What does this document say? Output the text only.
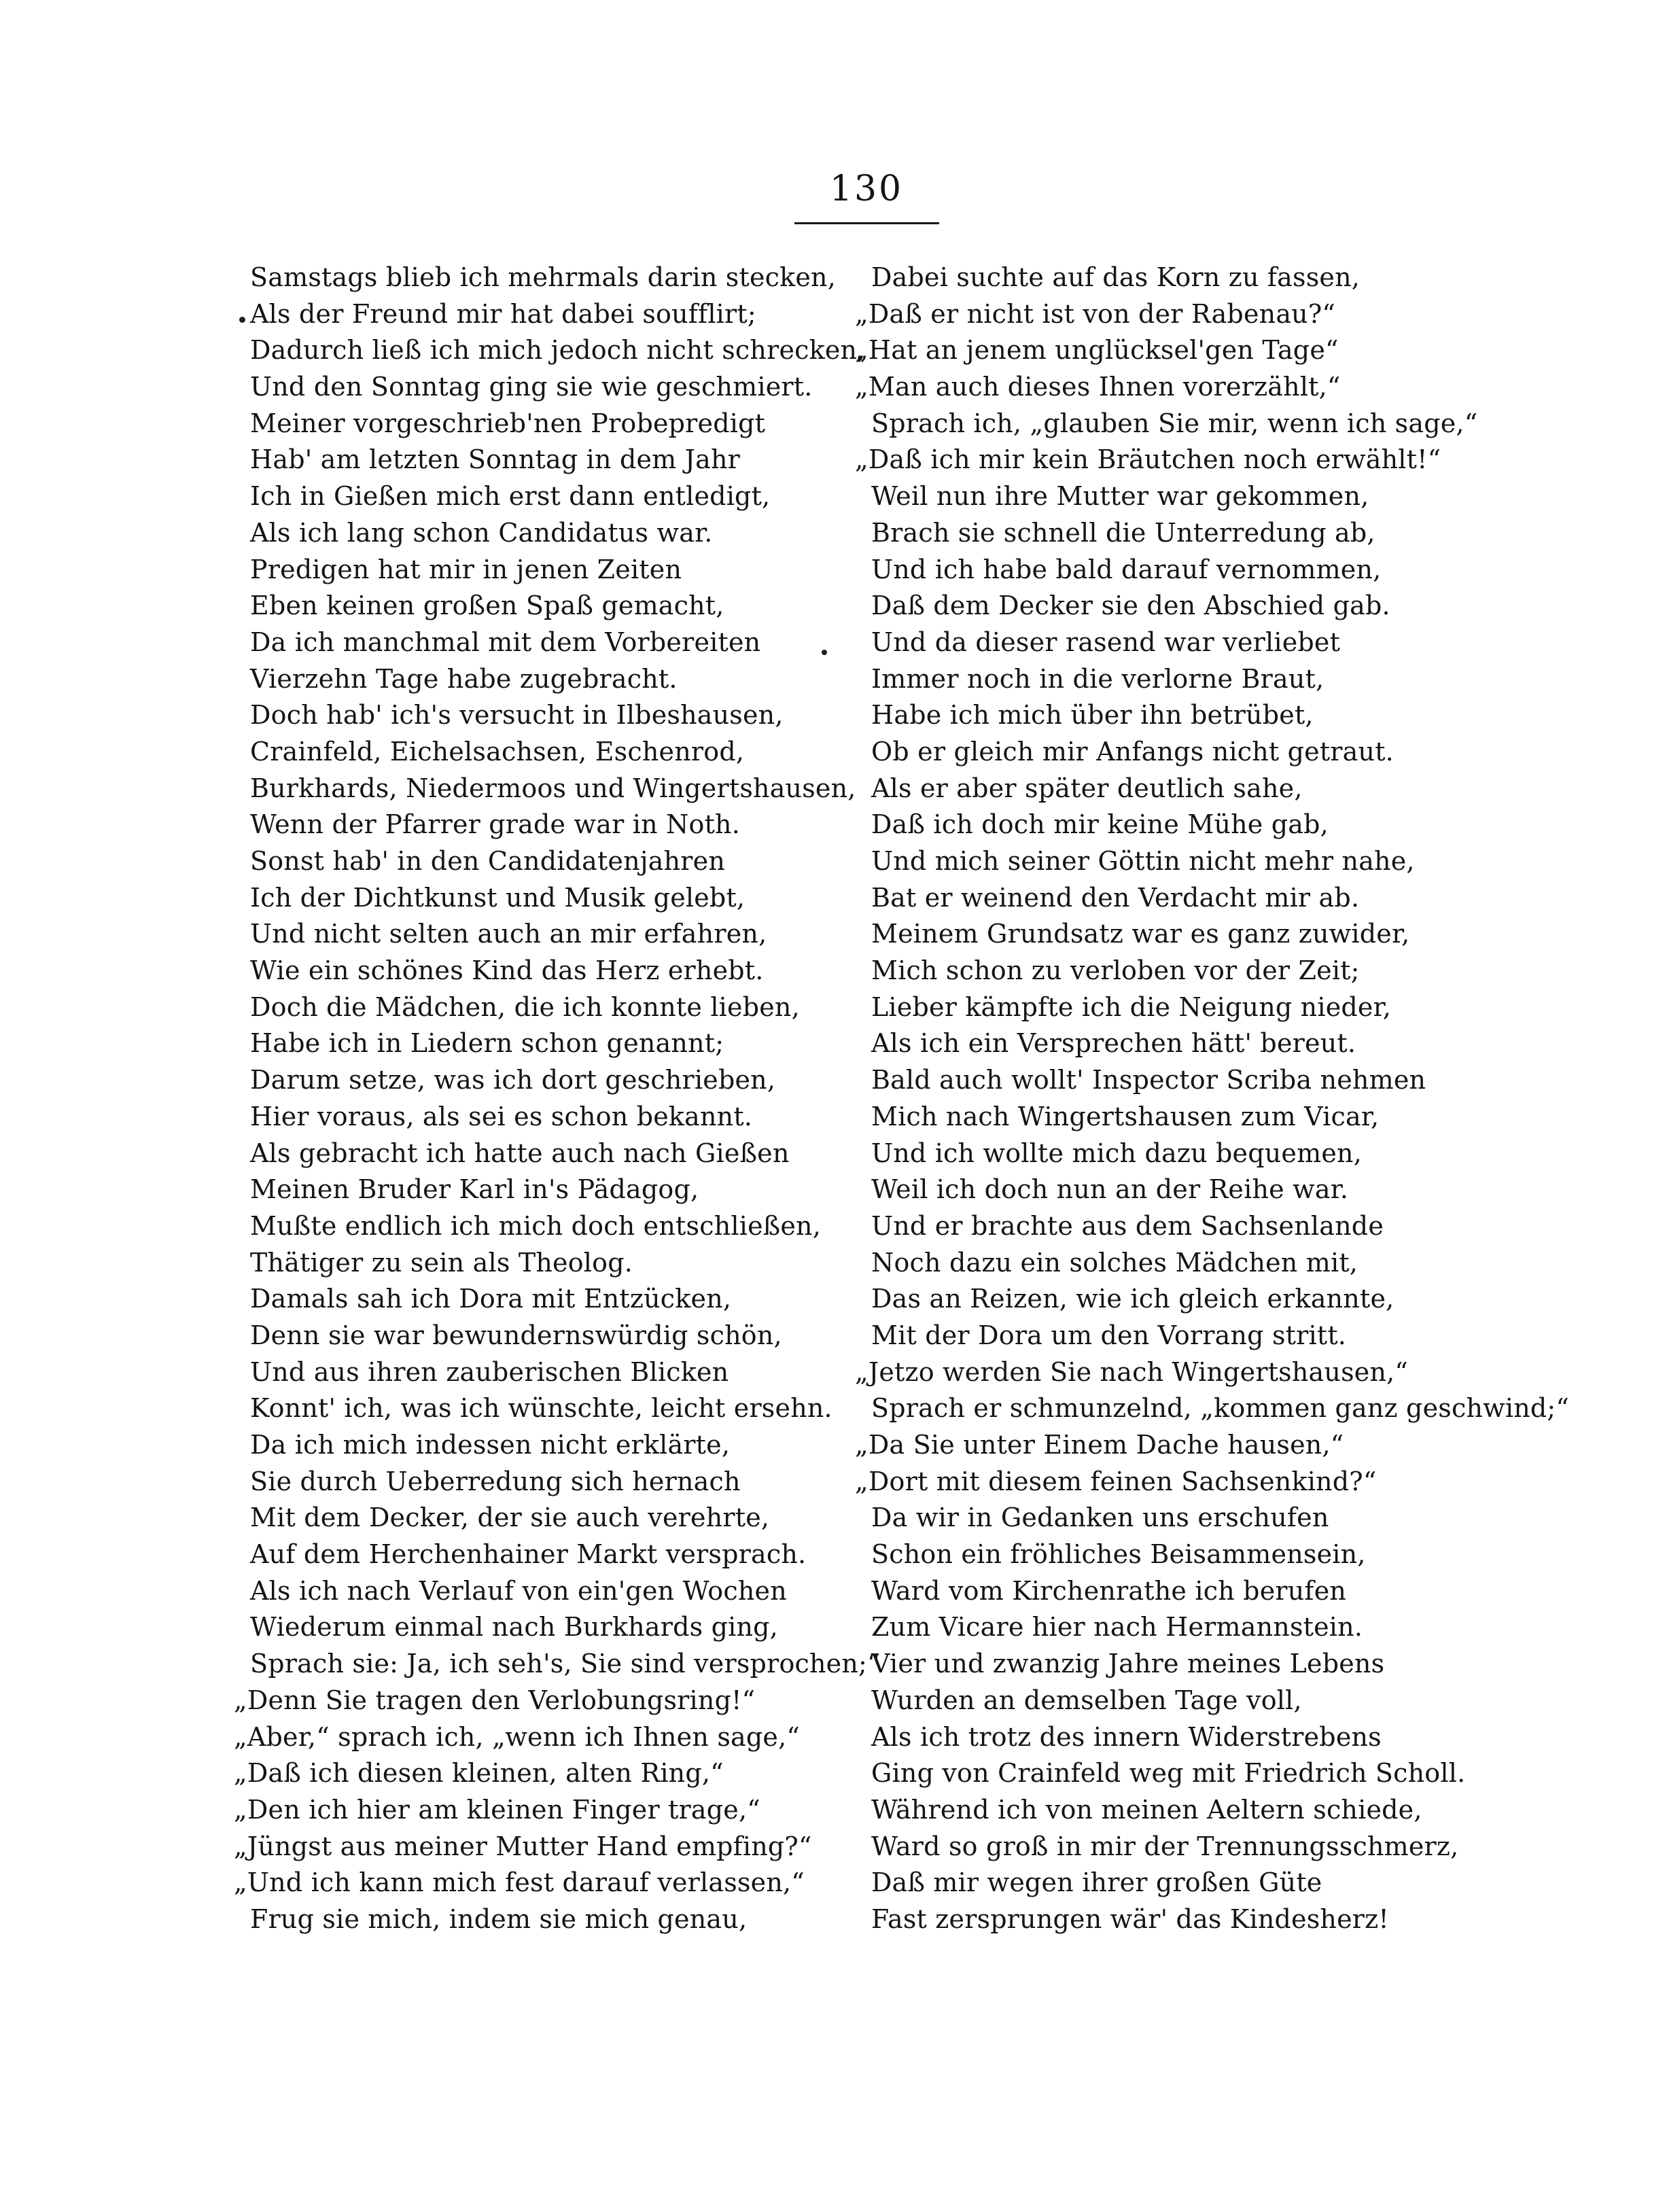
130
Samstags blieb ich mehrmals darin stecken,
Als der Freund mir hat dabei soufflirt;
Dadurch ließ ich mich jedoch nicht schrecken,
Und den Sonntag ging sie wie geschmiert.
Meiner vorgeschrieb'nen Probepredigt
Hab' am letzten Sonntag in dem Jahr
Ich in Gießen mich erst dann entledigt,
Als ich lang schon Candidatus war.
Predigen hat mir in jenen Zeiten
Eben keinen großen Spaß gemacht,
Da ich manchmal mit dem Vorbereiten
Vierzehn Tage habe zugebracht.
Doch hab' ich's versucht in Ilbeshausen,
Crainfeld, Eichelsachsen, Eschenrod,
Burkhards, Niedermoos und Wingertshausen,
Wenn der Pfarrer grade war in Noth.
Sonst hab' in den Candidatenjahren
Ich der Dichtkunst und Musik gelebt,
Und nicht selten auch an mir erfahren,
Wie ein schönes Kind das Herz erhebt.
Doch die Mädchen, die ich konnte lieben,
Habe ich in Liedern schon genannt;
Darum setze, was ich dort geschrieben,
Hier voraus, als sei es schon bekannt.
Als gebracht ich hatte auch nach Gießen
Meinen Bruder Karl in's Pädagog,
Mußte endlich ich mich doch entschließen,
Thätiger zu sein als Theolog.
Damals sah ich Dora mit Entzücken,
Denn sie war bewundernswürdig schön,
Und aus ihren zauberischen Blicken
Konnt' ich, was ich wünschte, leicht ersehn.
Da ich mich indessen nicht erklärte,
Sie durch Ueberredung sich hernach
Mit dem Decker, der sie auch verehrte,
Auf dem Herchenhainer Markt versprach.
Als ich nach Verlauf von ein'gen Wochen
Wiederum einmal nach Burkhards ging,
Sprach sie: Ja, ich seh's, Sie sind versprochen;“
„Denn Sie tragen den Verlobungsring!“
„Aber,“ sprach ich, „wenn ich Ihnen sage,“
„Daß ich diesen kleinen, alten Ring,“
„Den ich hier am kleinen Finger trage,“
„Jüngst aus meiner Mutter Hand empfing?“
„Und ich kann mich fest darauf verlassen,“
Frug sie mich, indem sie mich genau,
Dabei suchte auf das Korn zu fassen,
„Daß er nicht ist von der Rabenau?“
„Hat an jenem unglücksel'gen Tage“
„Man auch dieses Ihnen vorerzählt,“
Sprach ich, „glauben Sie mir, wenn ich sage,“
„Daß ich mir kein Bräutchen noch erwählt!“
Weil nun ihre Mutter war gekommen,
Brach sie schnell die Unterredung ab,
Und ich habe bald darauf vernommen,
Daß dem Decker sie den Abschied gab.
Und da dieser rasend war verliebet
Immer noch in die verlorne Braut,
Habe ich mich über ihn betrübet,
Ob er gleich mir Anfangs nicht getraut.
Als er aber später deutlich sahe,
Daß ich doch mir keine Mühe gab,
Und mich seiner Göttin nicht mehr nahe,
Bat er weinend den Verdacht mir ab.
Meinem Grundsatz war es ganz zuwider,
Mich schon zu verloben vor der Zeit;
Lieber kämpfte ich die Neigung nieder,
Als ich ein Versprechen hätt' bereut.
Bald auch wollt' Inspector Scriba nehmen
Mich nach Wingertshausen zum Vicar,
Und ich wollte mich dazu bequemen,
Weil ich doch nun an der Reihe war.
Und er brachte aus dem Sachsenlande
Noch dazu ein solches Mädchen mit,
Das an Reizen, wie ich gleich erkannte,
Mit der Dora um den Vorrang stritt.
„Jetzo werden Sie nach Wingertshausen,“
Sprach er schmunzelnd, „kommen ganz geschwind;“
„Da Sie unter Einem Dache hausen,“
„Dort mit diesem feinen Sachsenkind?“
Da wir in Gedanken uns erschufen
Schon ein fröhliches Beisammensein,
Ward vom Kirchenrathe ich berufen
Zum Vicare hier nach Hermannstein.
Vier und zwanzig Jahre meines Lebens
Wurden an demselben Tage voll,
Als ich trotz des innern Widerstrebens
Ging von Crainfeld weg mit Friedrich Scholl.
Während ich von meinen Aeltern schiede,
Ward so groß in mir der Trennungsschmerz,
Daß mir wegen ihrer großen Güte
Fast zersprungen wär' das Kindesherz!
